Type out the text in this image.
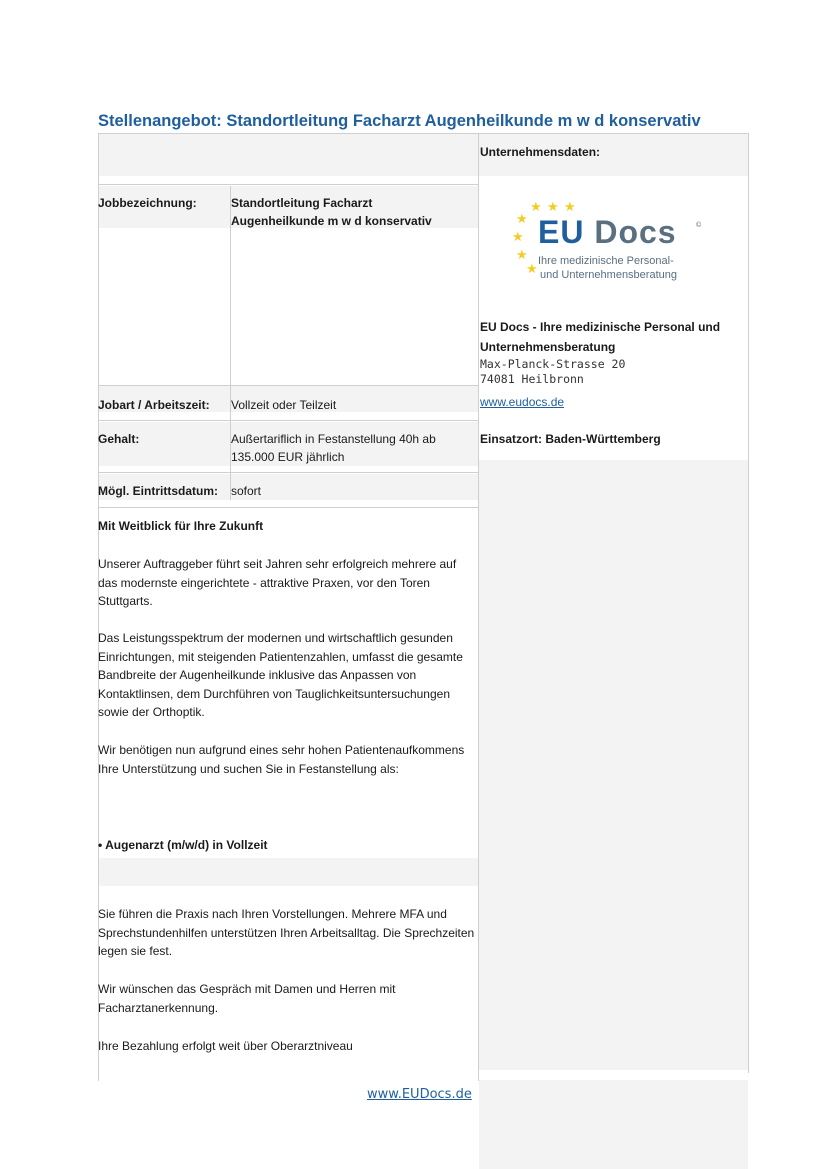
Stellenangebot: Standortleitung Facharzt Augenheilkunde m w d konservativ
Unternehmensdaten:
Jobbezeichnung:	Standortleitung Facharzt Augenheilkunde m w d konservativ
Jobart / Arbeitszeit: Vollzeit oder Teilzeit
Gehalt:	Außertariflich in Festanstellung 40h ab 135.000 EUR jährlich
Mögl. Eintrittsdatum: sofort
★ ★ ★
★
★
★
★
EU Docs	©
Ihre medizinische Personal-
und Unternehmensberatung
EU Docs - Ihre medizinische Personal und Unternehmensberatung
Max-Planck-Strasse 20
74081 Heilbronn
www.eudocs.de
Einsatzort: Baden-Württemberg
Mit Weitblick für Ihre Zukunft
Unserer Auftraggeber führt seit Jahren sehr erfolgreich mehrere auf das modernste eingerichtete - attraktive Praxen, vor den Toren Stuttgarts.
Das Leistungsspektrum der modernen und wirtschaftlich gesunden Einrichtungen, mit steigenden Patientenzahlen, umfasst die gesamte Bandbreite der Augenheilkunde inklusive das Anpassen von Kontaktlinsen, dem Durchführen von Tauglichkeitsuntersuchungen sowie der Orthoptik.
Wir benötigen nun aufgrund eines sehr hohen Patientenaufkommens Ihre Unterstützung und suchen Sie in Festanstellung als:
• Augenarzt (m/w/d) in Vollzeit
Sie führen die Praxis nach Ihren Vorstellungen. Mehrere MFA und Sprechstundenhilfen unterstützen Ihren Arbeitsalltag. Die Sprechzeiten legen sie fest.
Wir wünschen das Gespräch mit Damen und Herren mit Facharztanerkennung.
Ihre Bezahlung erfolgt weit über Oberarztniveau
www.EUDocs.de
